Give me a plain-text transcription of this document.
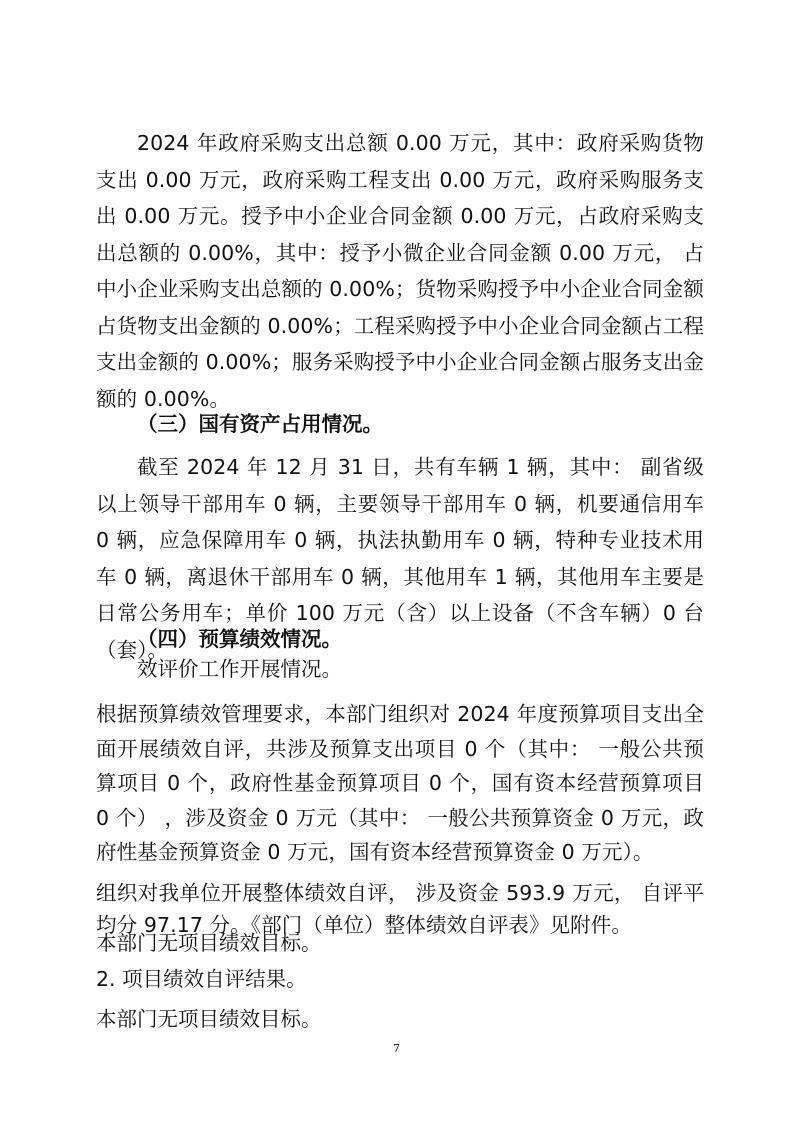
2024 年政府采购支出总额 0.00 万元，其中：政府采购货物支出 0.00 万元，政府采购工程支出 0.00 万元，政府采购服务支出 0.00 万元。授予中小企业合同金额 0.00 万元，占政府采购支出总额的 0.00%，其中：授予小微企业合同金额 0.00 万元， 占中小企业采购支出总额的 0.00%；货物采购授予中小企业合同金额占货物支出金额的 0.00%；工程采购授予中小企业合同金额占工程支出金额的 0.00%；服务采购授予中小企业合同金额占服务支出金额的 0.00%。

（三）国有资产占用情况。

截至 2024 年 12 月 31 日，共有车辆 1 辆，其中： 副省级以上领导干部用车 0 辆，主要领导干部用车 0 辆，机要通信用车 0 辆，应急保障用车 0 辆，执法执勤用车 0 辆，特种专业技术用车 0 辆，离退休干部用车 0 辆，其他用车 1 辆，其他用车主要是日常公务用车；单价 100 万元（含）以上设备（不含车辆）0 台（套）。

（四）预算绩效情况。
效评价工作开展情况。

根据预算绩效管理要求，本部门组织对 2024 年度预算项目支出全面开展绩效自评，共涉及预算支出项目 0 个（其中： 一般公共预算项目 0 个，政府性基金预算项目 0 个，国有资本经营预算项目 0 个） ，涉及资金 0 万元（其中： 一般公共预算资金 0 万元，政府性基金预算资金 0 万元，国有资本经营预算资金 0 万元）。

组织对我单位开展整体绩效自评， 涉及资金 593.9 万元， 自评平均分 97.17 分。《部门（单位）整体绩效自评表》见附件。

本部门无项目绩效目标。
2. 项目绩效自评结果。
本部门无项目绩效目标。
7
